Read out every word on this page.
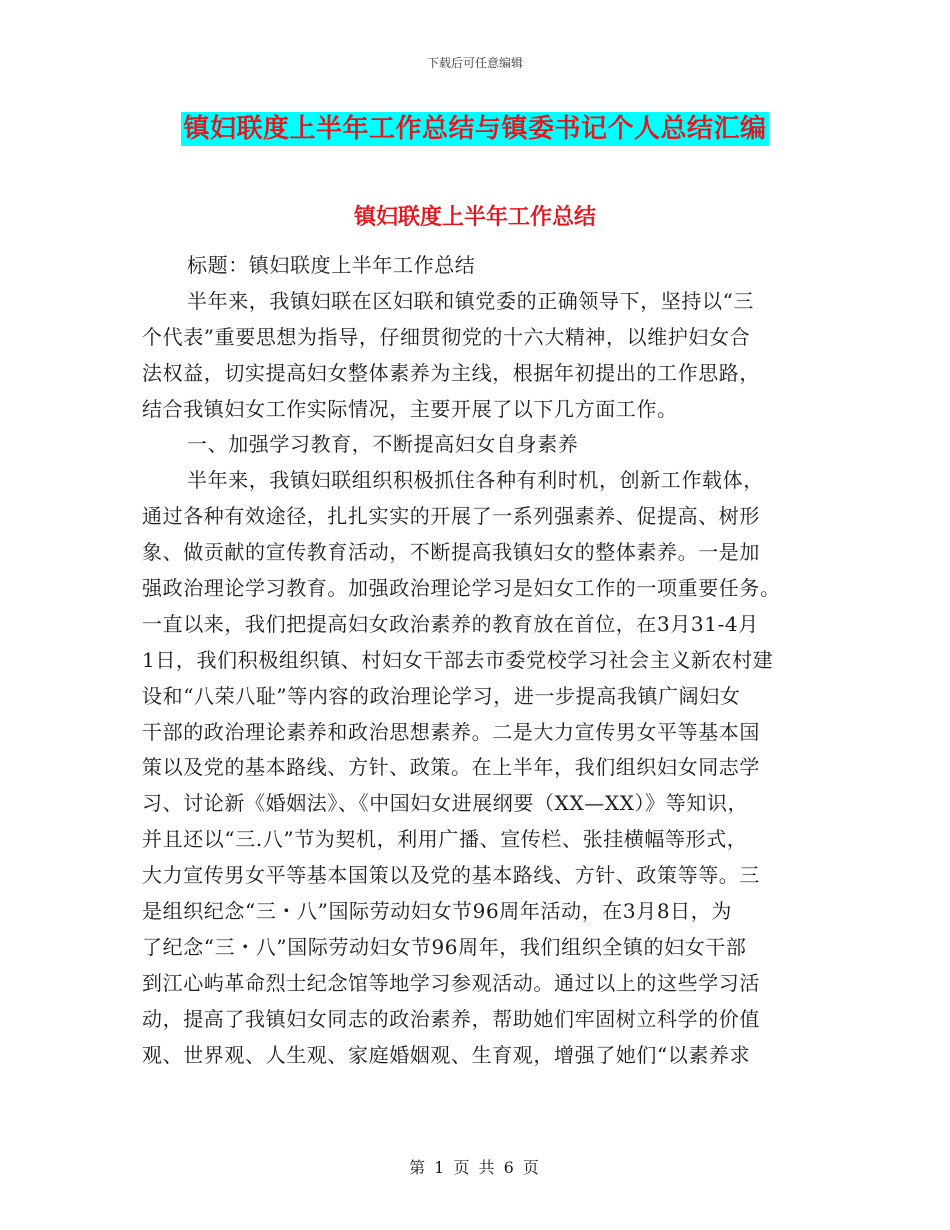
下载后可任意编辑
镇妇联度上半年工作总结与镇委书记个人总结汇编
镇妇联度上半年工作总结
标题：镇妇联度上半年工作总结
半年来，我镇妇联在区妇联和镇党委的正确领导下，坚持以“三
个代表”重要思想为指导，仔细贯彻党的十六大精神，以维护妇女合
法权益，切实提高妇女整体素养为主线，根据年初提出的工作思路，
结合我镇妇女工作实际情况，主要开展了以下几方面工作。
一、加强学习教育，不断提高妇女自身素养
半年来，我镇妇联组织积极抓住各种有利时机，创新工作载体，
通过各种有效途径，扎扎实实的开展了一系列强素养、促提高、树形
象、做贡献的宣传教育活动，不断提高我镇妇女的整体素养。一是加
强政治理论学习教育。加强政治理论学习是妇女工作的一项重要任务。
一直以来，我们把提高妇女政治素养的教育放在首位，在3月31-4月
1日，我们积极组织镇、村妇女干部去市委党校学习社会主义新农村建
设和“八荣八耻”等内容的政治理论学习，进一步提高我镇广阔妇女
干部的政治理论素养和政治思想素养。二是大力宣传男女平等基本国
策以及党的基本路线、方针、政策。在上半年，我们组织妇女同志学
习、讨论新《婚姻法》、《中国妇女进展纲要（XX—XX）》等知识，
并且还以“三.八”节为契机，利用广播、宣传栏、张挂横幅等形式，
大力宣传男女平等基本国策以及党的基本路线、方针、政策等等。三
是组织纪念“三・八”国际劳动妇女节96周年活动，在3月8日，为
了纪念“三・八”国际劳动妇女节96周年，我们组织全镇的妇女干部
到江心屿革命烈士纪念馆等地学习参观活动。通过以上的这些学习活
动，提高了我镇妇女同志的政治素养，帮助她们牢固树立科学的价值
观、世界观、人生观、家庭婚姻观、生育观，增强了她们“以素养求
第 1 页 共 6 页
